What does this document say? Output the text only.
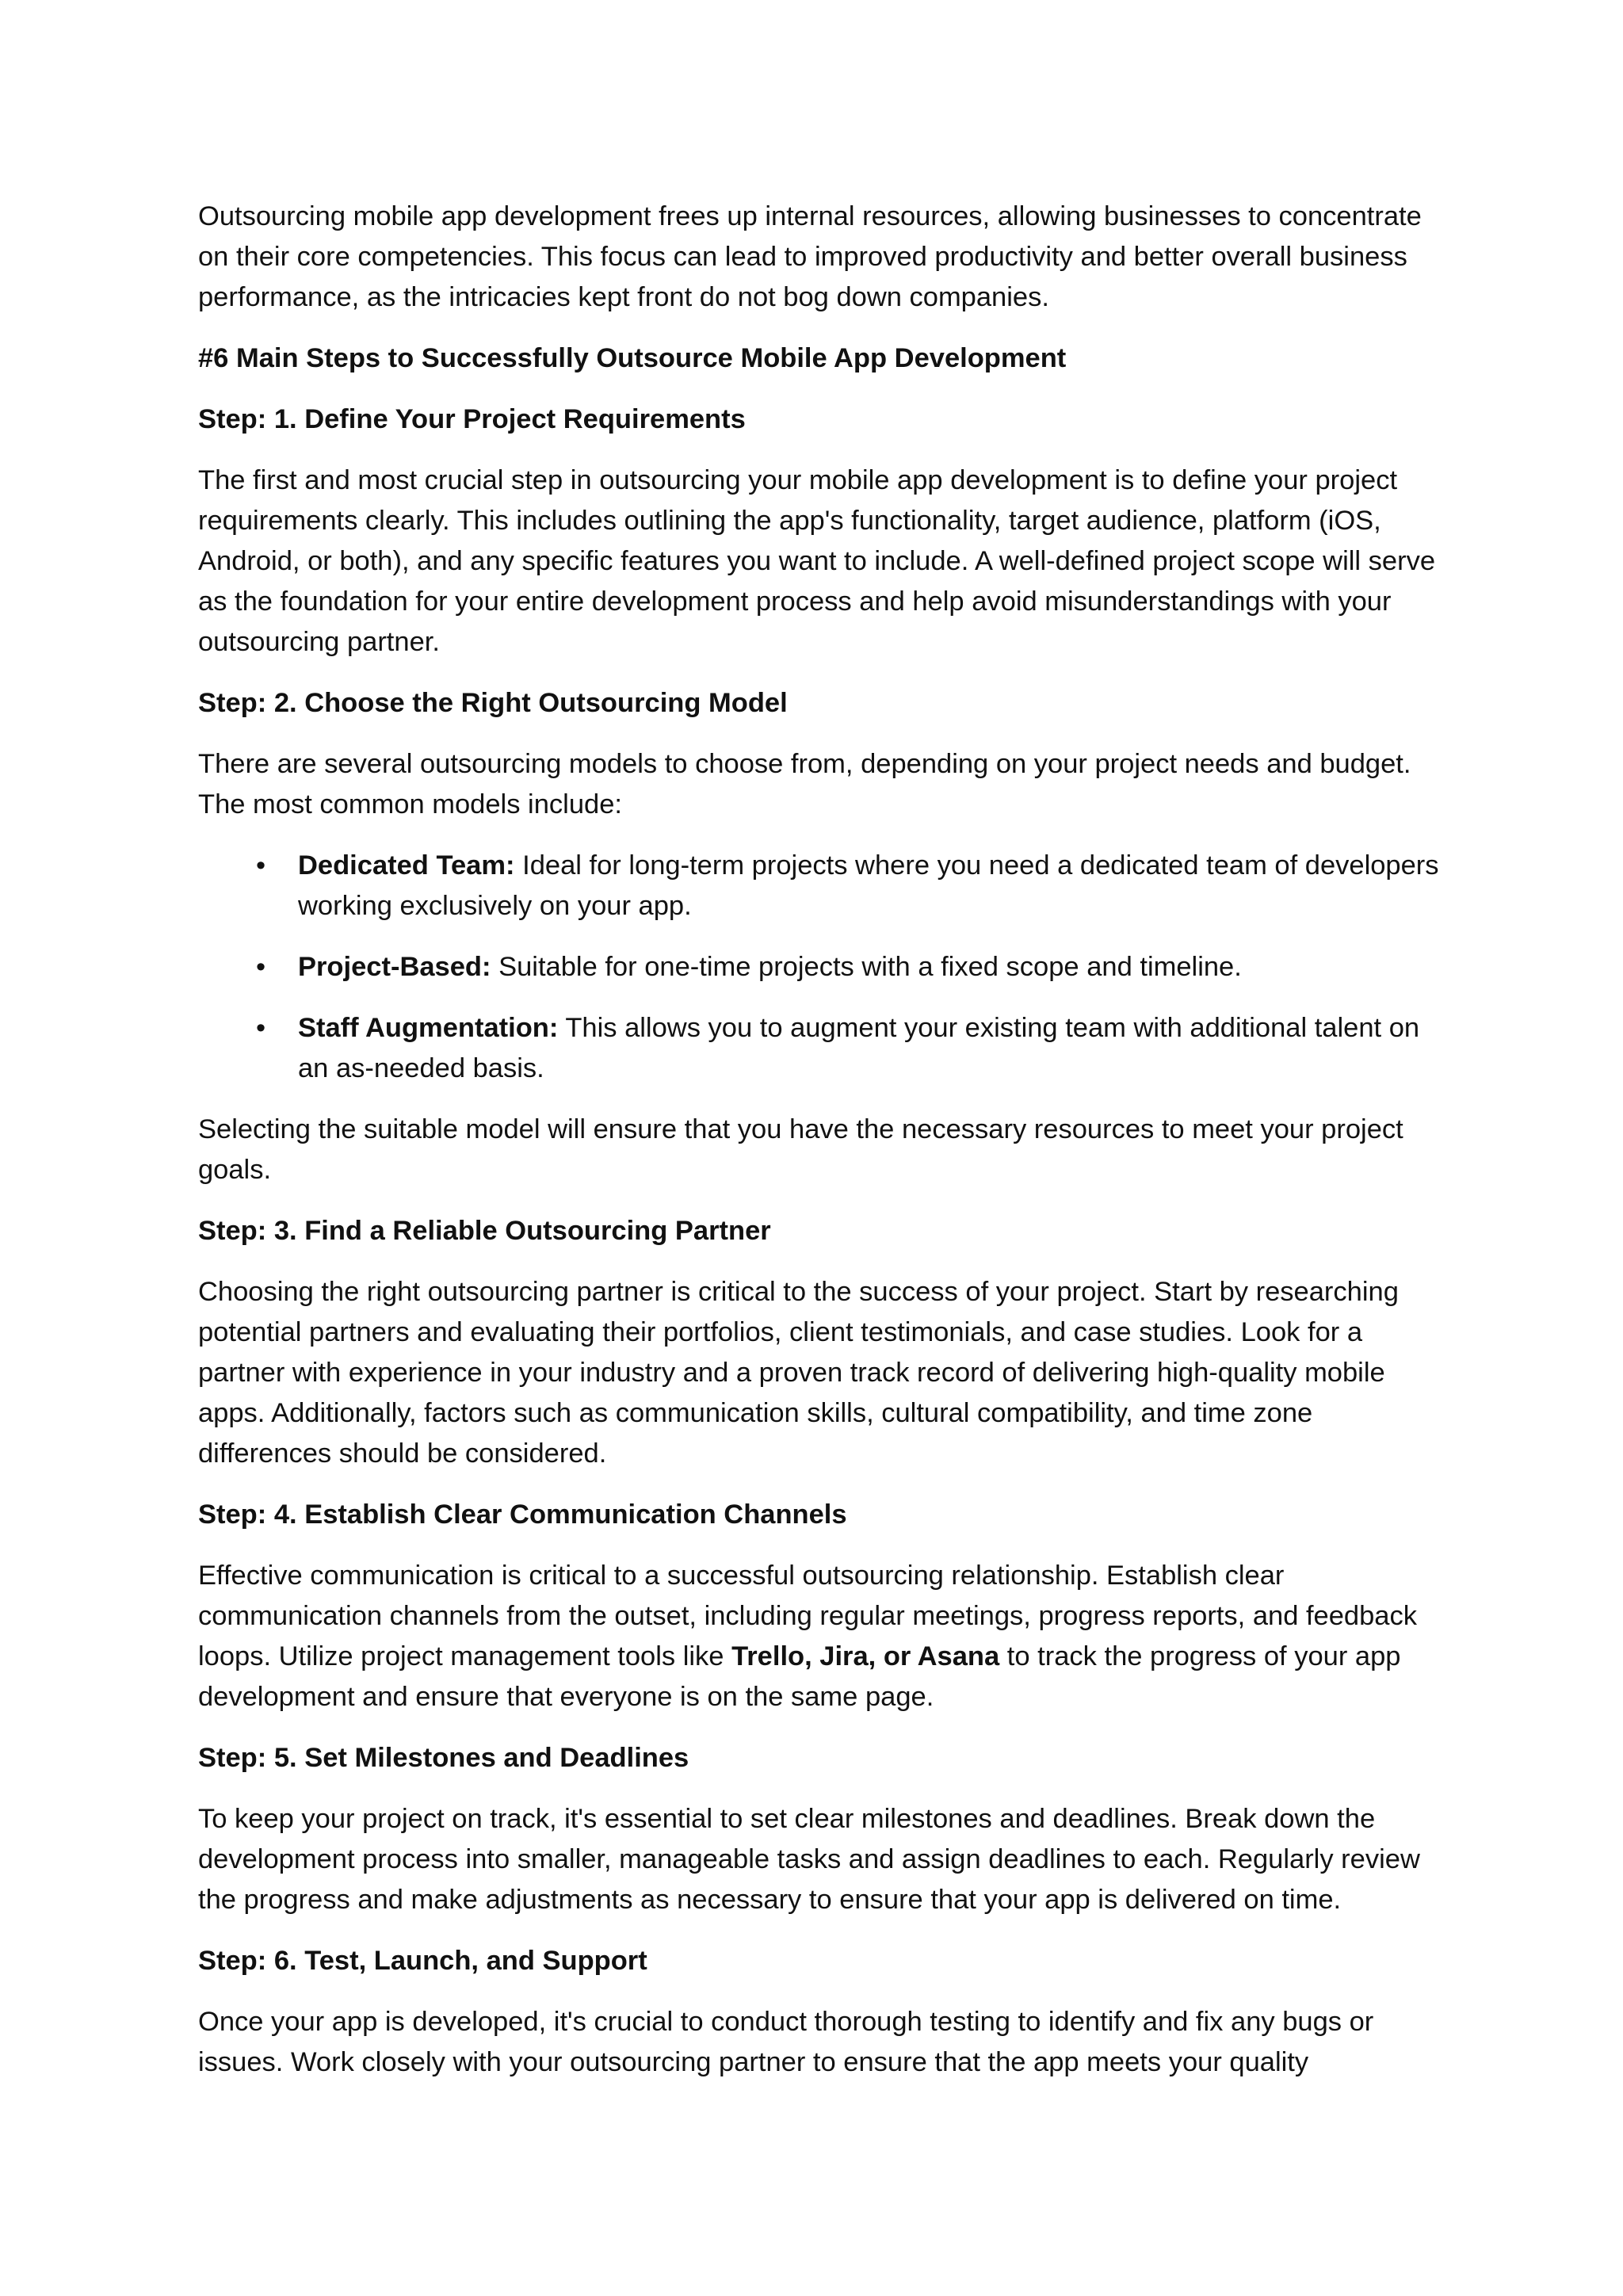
Outsourcing mobile app development frees up internal resources, allowing businesses to concentrate on their core competencies. This focus can lead to improved productivity and better overall business performance, as the intricacies kept front do not bog down companies.

#6 Main Steps to Successfully Outsource Mobile App Development
Step: 1. Define Your Project Requirements

The first and most crucial step in outsourcing your mobile app development is to define your project requirements clearly. This includes outlining the app's functionality, target audience, platform (iOS, Android, or both), and any specific features you want to include. A well-defined project scope will serve as the foundation for your entire development process and help avoid misunderstandings with your outsourcing partner.

Step: 2. Choose the Right Outsourcing Model

There are several outsourcing models to choose from, depending on your project needs and budget. The most common models include:

• Dedicated Team: Ideal for long-term projects where you need a dedicated team of developers working exclusively on your app.
• Project-Based: Suitable for one-time projects with a fixed scope and timeline.
• Staff Augmentation: This allows you to augment your existing team with additional talent on an as-needed basis.

Selecting the suitable model will ensure that you have the necessary resources to meet your project goals.

Step: 3. Find a Reliable Outsourcing Partner

Choosing the right outsourcing partner is critical to the success of your project. Start by researching potential partners and evaluating their portfolios, client testimonials, and case studies. Look for a partner with experience in your industry and a proven track record of delivering high-quality mobile apps. Additionally, factors such as communication skills, cultural compatibility, and time zone differences should be considered.

Step: 4. Establish Clear Communication Channels

Effective communication is critical to a successful outsourcing relationship. Establish clear communication channels from the outset, including regular meetings, progress reports, and feedback loops. Utilize project management tools like Trello, Jira, or Asana to track the progress of your app development and ensure that everyone is on the same page.

Step: 5. Set Milestones and Deadlines

To keep your project on track, it's essential to set clear milestones and deadlines. Break down the development process into smaller, manageable tasks and assign deadlines to each. Regularly review the progress and make adjustments as necessary to ensure that your app is delivered on time.

Step: 6. Test, Launch, and Support

Once your app is developed, it's crucial to conduct thorough testing to identify and fix any bugs or issues. Work closely with your outsourcing partner to ensure that the app meets your quality
